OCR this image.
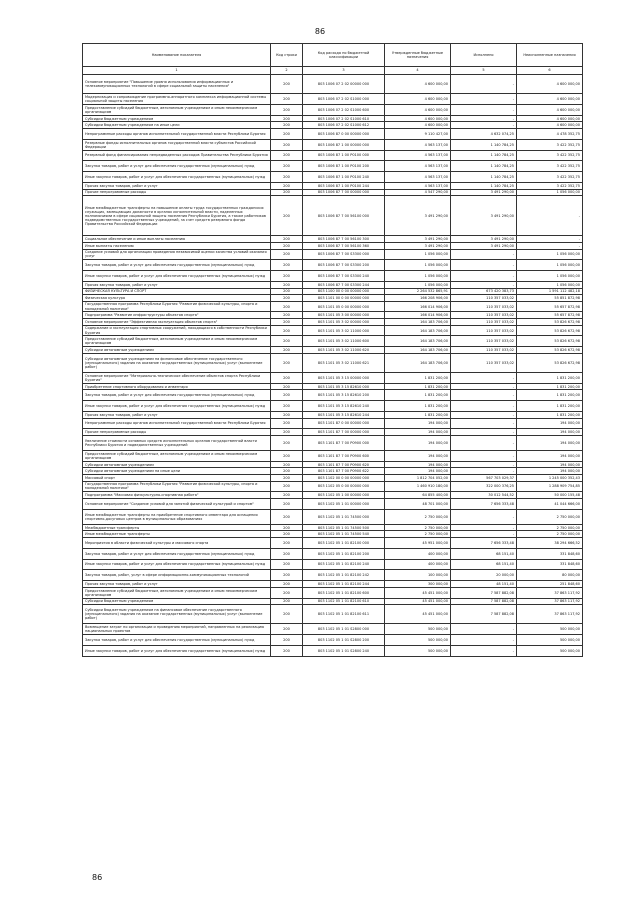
86
Наименование показателя	Код строки	Код расхода по бюджетной классификации	Утвержденные бюджетные назначения	Исполнено	Неисполненные назначения
1	2	3	4	5	6
Основное мероприятие "Повышение уровня использования информационных и телекоммуникационных технологий в сфере социальной защиты населения"	200	803 1006 07 2 02 00000 000	4 600 000,00	-	4 600 000,00
Модернизация и сопровождение программно-аппаратного комплекса информационной системы социальной защиты населения	200	803 1006 07 2 02 S1000 000	4 600 000,00	-	4 600 000,00
Предоставление субсидий бюджетным, автономным учреждениям и иным некоммерческим организациям	200	803 1006 07 2 02 S1000 600	4 600 000,00	-	4 600 000,00
Субсидии бюджетным учреждениям	200	803 1006 07 2 02 S1000 610	4 600 000,00	-	4 600 000,00
Субсидии бюджетным учреждениям на иные цели	200	803 1006 07 2 02 S1000 612	4 600 000,00	-	4 600 000,00
Непрограммные расходы органов исполнительной государственной власти Республики Бурятия	200	803 1006 87 0 00 00000 000	9 110 427,00	4 632 074,25	4 478 352,75
Резервные фонды исполнительных органов государственной власти субъектов Российской Федерации	200	803 1006 87 1 00 00000 000	4 563 137,00	1 140 784,25	3 422 352,75
Резервный фонд финансирования непредвиденных расходов Правительства Республики Бурятия	200	803 1006 87 1 00 P0100 000	4 563 137,00	1 140 784,25	3 422 352,75
Закупка товаров, работ и услуг для обеспечения государственных (муниципальных) нужд	200	803 1006 87 1 00 P0100 200	4 563 137,00	1 140 784,25	3 422 352,75
Иные закупки товаров, работ и услуг для обеспечения государственных (муниципальных) нужд	200	803 1006 87 1 00 P0100 240	4 563 137,00	1 140 784,25	3 422 352,75
Прочая закупка товаров, работ и услуг	200	803 1006 87 1 00 P0100 244	4 563 137,00	1 140 784,25	3 422 352,75
Прочие непрограммные расходы	200	803 1006 87 7 00 00000 000	4 547 290,00	3 491 290,00	1 056 000,00
Иные межбюджетные трансферты на повышение оплаты труда государственных гражданских служащих, замещающих должности в органах исполнительной власти, наделенных полномочиями в сфере социальной защиты населения Республики Бурятия, а также работников подведомственных государственных учреждений, за счет средств резервного фонда Правительства Российской Федерации	200	803 1006 87 7 00 56100 000	3 491 290,00	3 491 290,00	-
Социальное обеспечение и иные выплаты населению	200	803 1006 87 7 00 56100 300	3 491 290,00	3 491 290,00	-
Иные выплаты населению	200	803 1006 87 7 00 56100 360	3 491 290,00	3 491 290,00	-
Создание условий для организации проведения независимой оценки качества условий оказания услуг	200	803 1006 87 7 00 S3300 000	1 056 000,00	-	1 056 000,00
Закупка товаров, работ и услуг для обеспечения государственных (муниципальных) нужд	200	803 1006 87 7 00 S3300 200	1 056 000,00	-	1 056 000,00
Иные закупки товаров, работ и услуг для обеспечения государственных (муниципальных) нужд	200	803 1006 87 7 00 S3300 240	1 056 000,00	-	1 056 000,00
Прочая закупка товаров, работ и услуг	200	803 1006 87 7 00 S3300 244	1 056 000,00	-	1 056 000,00
ФИЗИЧЕСКАЯ КУЛЬТУРА И СПОРТ	200	803 1100 00 0 00 00000 000	2 264 532 865,91	673 420 383,73	1 591 112 482,18
Физическая культура	200	803 1101 00 0 00 00000 000	166 208 906,00	110 357 033,02	55 851 872,98
Государственная программа Республики Бурятия "Развитие физической культуры, спорта и молодежной политики"	200	803 1101 05 0 00 00000 000	166 014 906,00	110 357 033,02	55 657 872,98
Подпрограмма "Развитие инфраструктуры объектов спорта"	200	803 1101 05 3 00 00000 000	166 014 906,00	110 357 033,02	55 657 872,98
Основное мероприятие "Эффективная эксплуатация объектов спорта"	200	803 1101 05 3 02 00000 000	164 183 706,00	110 357 033,02	53 826 672,98
Содержание и эксплуатация спортивных сооружений, находящихся в собственности Республики Бурятия	200	803 1101 05 3 02 11000 000	164 183 706,00	110 357 033,02	53 826 672,98
Предоставление субсидий бюджетным, автономным учреждениям и иным некоммерческим организациям	200	803 1101 05 3 02 11000 600	164 183 706,00	110 357 033,02	53 826 672,98
Субсидии автономным учреждениям	200	803 1101 05 3 02 11000 620	164 183 706,00	110 357 033,02	53 826 672,98
Субсидии автономным учреждениям на финансовое обеспечение государственного (муниципального) задания на оказание государственных (муниципальных) услуг (выполнение работ)	200	803 1101 05 3 02 11000 621	164 183 706,00	110 357 033,02	53 826 672,98
Основное мероприятие "Материально-техническое обеспечение объектов спорта Республики Бурятия"	200	803 1101 05 3 15 00000 000	1 831 200,00	-	1 831 200,00
Приобретение спортивного оборудования и инвентаря	200	803 1101 05 3 15 82610 000	1 831 200,00	-	1 831 200,00
Закупка товаров, работ и услуг для обеспечения государственных (муниципальных) нужд	200	803 1101 05 3 15 82610 200	1 831 200,00	-	1 831 200,00
Иные закупки товаров, работ и услуг для обеспечения государственных (муниципальных) нужд	200	803 1101 05 3 15 82610 240	1 831 200,00	-	1 831 200,00
Прочая закупка товаров, работ и услуг	200	803 1101 05 3 15 82610 244	1 831 200,00	-	1 831 200,00
Непрограммные расходы органов исполнительной государственной власти Республики Бурятия	200	803 1101 87 0 00 00000 000	194 000,00	-	194 000,00
Прочие непрограммные расходы	200	803 1101 87 7 00 00000 000	194 000,00	-	194 000,00
Увеличение стоимости основных средств исполнительных органов государственной власти Республики Бурятия и подведомственных учреждений	200	803 1101 87 7 00 P0900 000	194 000,00	-	194 000,00
Предоставление субсидий бюджетным, автономным учреждениям и иным некоммерческим организациям	200	803 1101 87 7 00 P0900 600	194 000,00	-	194 000,00
Субсидии автономным учреждениям	200	803 1101 87 7 00 P0900 620	194 000,00	-	194 000,00
Субсидии автономным учреждениям на иные цели	200	803 1101 87 7 00 P0900 622	194 000,00	-	194 000,00
Массовый спорт	200	803 1102 00 0 00 00000 000	1 812 704 052,00	567 703 029,37	1 245 000 352,43
Государственная программа Республики Бурятия "Развитие физической культуры, спорта и молодежной политики"	200	803 1102 05 0 00 00000 000	1 460 910 180,00	322 000 376,25	1 288 909 754,85
Подпрограмма "Массовая физкультурно-спортивная работа"	200	803 1102 05 1 00 00000 000	64 855 400,00	30 012 544,52	50 000 155,48
Основное мероприятие "Создание условий для занятий физической культурой и спортом"	200	803 1102 05 1 01 00000 000	48 701 000,00	7 656 333,48	41 044 666,00
Иные межбюджетные трансферты на приобретение спортивного инвентаря для оснащения спортивно-досуговых центров в муниципальных образованиях	200	803 1102 05 1 01 74500 000	2 750 000,00	-	2 750 000,00
Межбюджетные трансферты	200	803 1102 05 1 01 74500 500	2 750 000,00	-	2 750 000,00
Иные межбюджетные трансферты	200	803 1102 05 1 01 74500 540	2 750 000,00	-	2 750 000,00
Мероприятия в области физической культуры и массового спорта	200	803 1102 05 1 01 82100 000	45 951 000,00	7 656 333,48	38 294 666,52
Закупка товаров, работ и услуг для обеспечения государственных (муниципальных) нужд	200	803 1102 05 1 01 82100 200	400 000,00	68 151,40	331 848,60
Иные закупки товаров, работ и услуг для обеспечения государственных (муниципальных) нужд	200	803 1102 05 1 01 82100 240	400 000,00	68 151,40	331 848,60
Закупка товаров, работ, услуг в сфере информационно-коммуникационных технологий	200	803 1102 05 1 01 82100 242	100 000,00	20 000,00	80 000,00
Прочая закупка товаров, работ и услуг	200	803 1102 05 1 01 82100 244	300 000,00	48 151,40	251 848,60
Предоставление субсидий бюджетным, автономным учреждениям и иным некоммерческим организациям	200	803 1102 05 1 01 82100 600	45 451 000,00	7 587 882,08	37 863 117,92
Субсидии бюджетным учреждениям	200	803 1102 05 1 01 82100 610	45 451 000,00	7 587 882,08	37 863 117,92
Субсидии бюджетным учреждениям на финансовое обеспечение государственного (муниципального) задания на оказание государственных (муниципальных) услуг (выполнение работ)	200	803 1102 05 1 01 82100 611	45 451 000,00	7 587 882,08	37 863 117,92
Возмещение затрат по организации и проведению мероприятий, направленных на реализацию национальных проектов	200	803 1102 05 1 01 S2800 000	500 000,00	-	500 000,00
Закупка товаров, работ и услуг для обеспечения государственных (муниципальных) нужд	200	803 1102 05 1 01 S2800 200	500 000,00	-	500 000,00
Иные закупки товаров, работ и услуг для обеспечения государственных (муниципальных) нужд	200	803 1102 05 1 01 S2800 240	500 000,00	-	500 000,00
86
